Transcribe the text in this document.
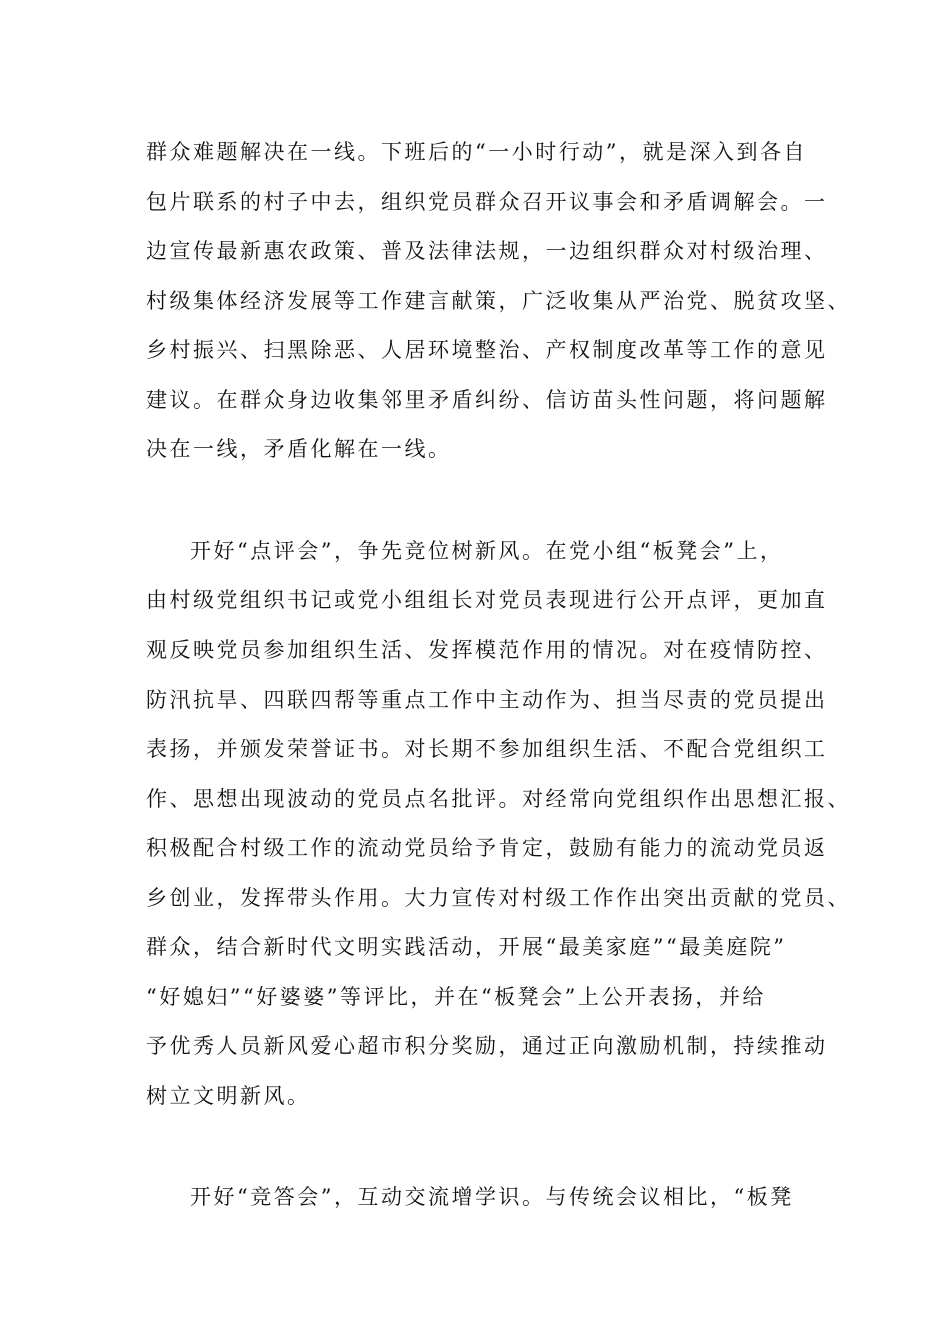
群众难题解决在一线。下班后的“一小时行动”，就是深入到各自
包片联系的村子中去，组织党员群众召开议事会和矛盾调解会。一
边宣传最新惠农政策、普及法律法规，一边组织群众对村级治理、
村级集体经济发展等工作建言献策，广泛收集从严治党、脱贫攻坚、
乡村振兴、扫黑除恶、人居环境整治、产权制度改革等工作的意见
建议。在群众身边收集邻里矛盾纠纷、信访苗头性问题，将问题解
决在一线，矛盾化解在一线。
开好“点评会”，争先竞位树新风。在党小组“板凳会”上，
由村级党组织书记或党小组组长对党员表现进行公开点评，更加直
观反映党员参加组织生活、发挥模范作用的情况。对在疫情防控、
防汛抗旱、四联四帮等重点工作中主动作为、担当尽责的党员提出
表扬，并颁发荣誉证书。对长期不参加组织生活、不配合党组织工
作、思想出现波动的党员点名批评。对经常向党组织作出思想汇报、
积极配合村级工作的流动党员给予肯定，鼓励有能力的流动党员返
乡创业，发挥带头作用。大力宣传对村级工作作出突出贡献的党员、
群众，结合新时代文明实践活动，开展“最美家庭”“最美庭院”
“好媳妇”“好婆婆”等评比，并在“板凳会”上公开表扬，并给
予优秀人员新风爱心超市积分奖励，通过正向激励机制，持续推动
树立文明新风。
开好“竞答会”，互动交流增学识。与传统会议相比，“板凳
